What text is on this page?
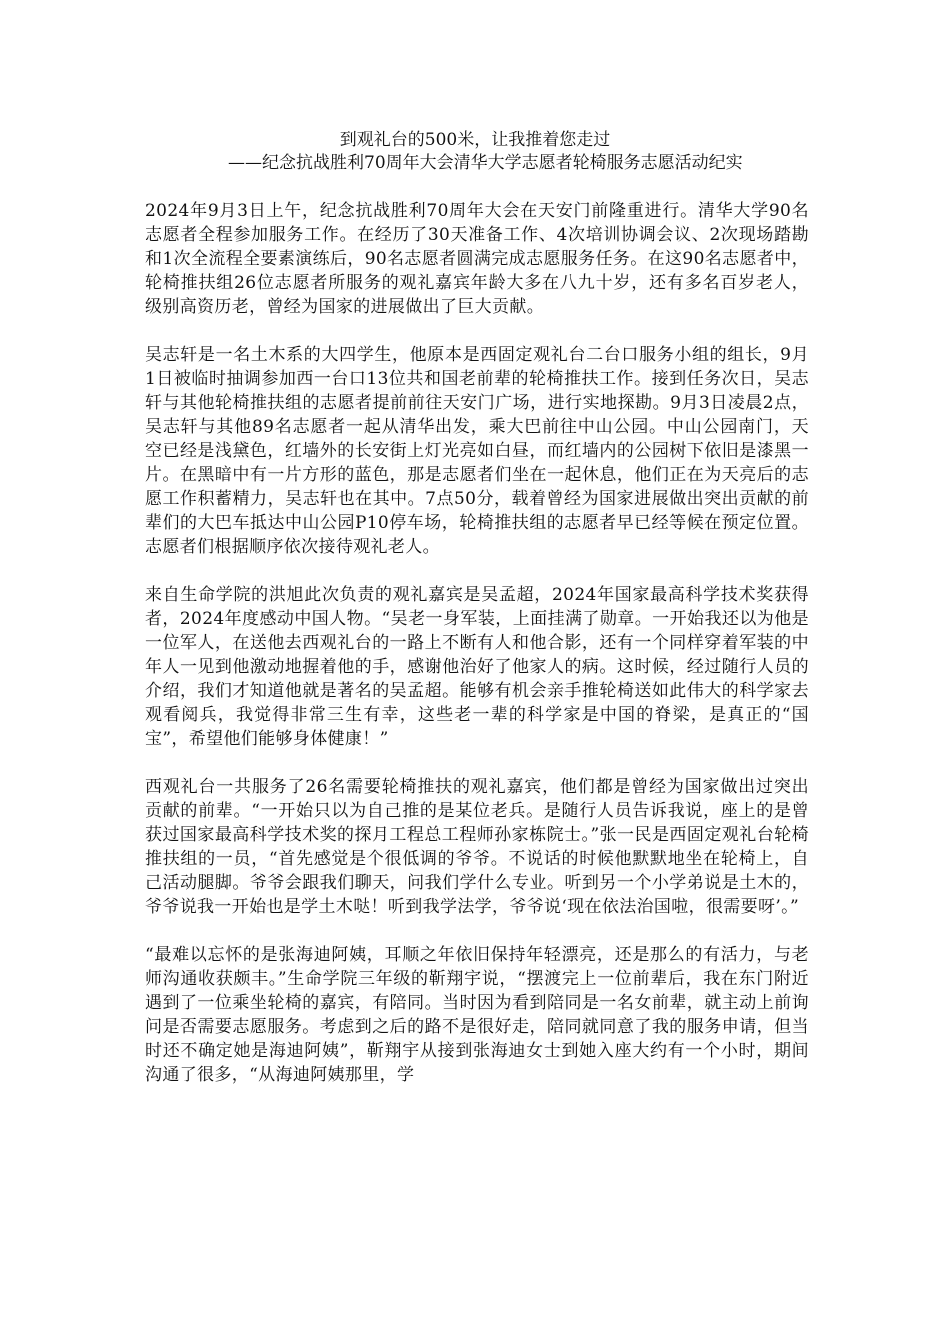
到观礼台的500米，让我推着您走过
——纪念抗战胜利70周年大会清华大学志愿者轮椅服务志愿活动纪实

2024年9月3日上午，纪念抗战胜利70周年大会在天安门前隆重进行。清华大学90名志愿者全程参加服务工作。在经历了30天准备工作、4次培训协调会议、2次现场踏勘和1次全流程全要素演练后，90名志愿者圆满完成志愿服务任务。在这90名志愿者中，轮椅推扶组26位志愿者所服务的观礼嘉宾年龄大多在八九十岁，还有多名百岁老人，级别高资历老，曾经为国家的进展做出了巨大贡献。

吴志轩是一名土木系的大四学生，他原本是西固定观礼台二台口服务小组的组长，9月1日被临时抽调参加西一台口13位共和国老前辈的轮椅推扶工作。接到任务次日，吴志轩与其他轮椅推扶组的志愿者提前前往天安门广场，进行实地探勘。9月3日凌晨2点，吴志轩与其他89名志愿者一起从清华出发，乘大巴前往中山公园。中山公园南门，天空已经是浅黛色，红墙外的长安街上灯光亮如白昼，而红墙内的公园树下依旧是漆黑一片。在黑暗中有一片方形的蓝色，那是志愿者们坐在一起休息，他们正在为天亮后的志愿工作积蓄精力，吴志轩也在其中。7点50分，载着曾经为国家进展做出突出贡献的前辈们的大巴车抵达中山公园P10停车场，轮椅推扶组的志愿者早已经等候在预定位置。志愿者们根据顺序依次接待观礼老人。

来自生命学院的洪旭此次负责的观礼嘉宾是吴孟超，2024年国家最高科学技术奖获得者，2024年度感动中国人物。“吴老一身军装，上面挂满了勋章。一开始我还以为他是一位军人，在送他去西观礼台的一路上不断有人和他合影，还有一个同样穿着军装的中年人一见到他激动地握着他的手，感谢他治好了他家人的病。这时候，经过随行人员的介绍，我们才知道他就是著名的吴孟超。能够有机会亲手推轮椅送如此伟大的科学家去观看阅兵，我觉得非常三生有幸，这些老一辈的科学家是中国的脊梁，是真正的“国宝”，希望他们能够身体健康！”

西观礼台一共服务了26名需要轮椅推扶的观礼嘉宾，他们都是曾经为国家做出过突出贡献的前辈。“一开始只以为自己推的是某位老兵。是随行人员告诉我说，座上的是曾获过国家最高科学技术奖的探月工程总工程师孙家栋院士。”张一民是西固定观礼台轮椅推扶组的一员，“首先感觉是个很低调的爷爷。不说话的时候他默默地坐在轮椅上，自己活动腿脚。爷爷会跟我们聊天，问我们学什么专业。听到另一个小学弟说是土木的，爷爷说我一开始也是学土木哒！听到我学法学，爷爷说‘现在依法治国啦，很需要呀’。”

“最难以忘怀的是张海迪阿姨，耳顺之年依旧保持年轻漂亮，还是那么的有活力，与老师沟通收获颇丰。”生命学院三年级的靳翔宇说，“摆渡完上一位前辈后，我在东门附近遇到了一位乘坐轮椅的嘉宾，有陪同。当时因为看到陪同是一名女前辈，就主动上前询问是否需要志愿服务。考虑到之后的路不是很好走，陪同就同意了我的服务申请，但当时还不确定她是海迪阿姨”，靳翔宇从接到张海迪女士到她入座大约有一个小时，期间沟通了很多，“从海迪阿姨那里，学
